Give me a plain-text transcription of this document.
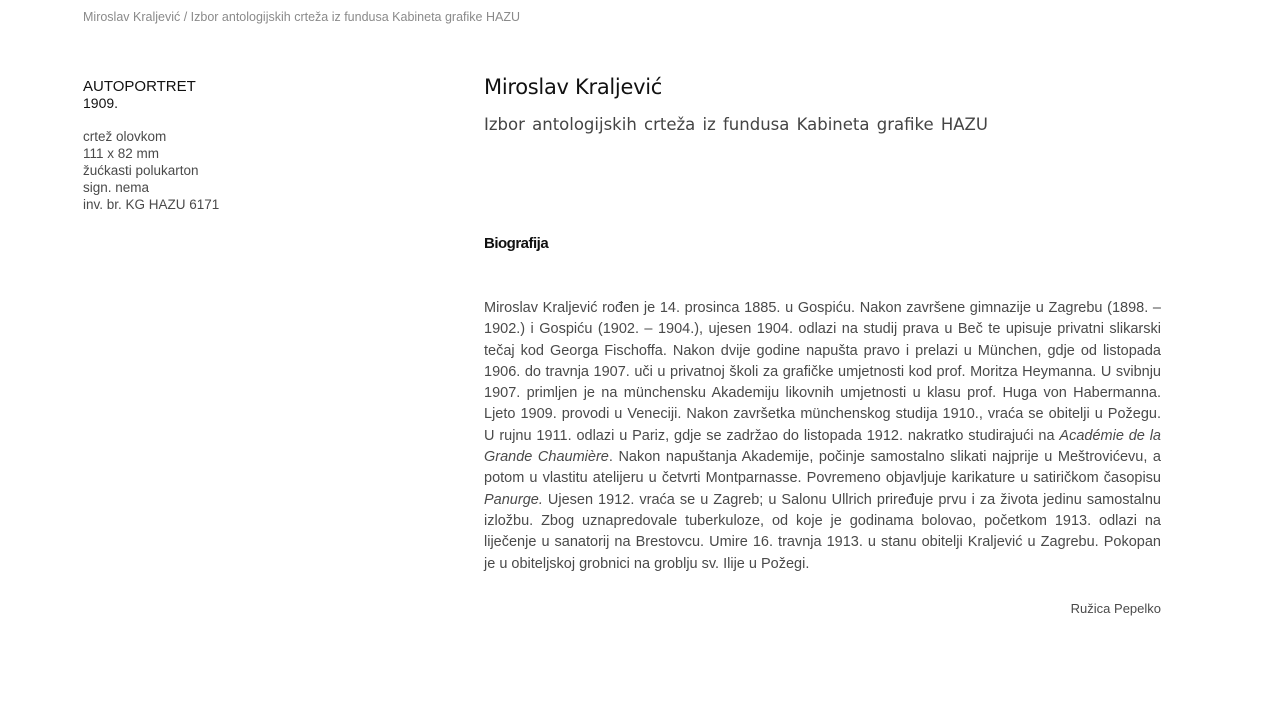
Miroslav Kraljević / Izbor antologijskih crteža iz fundusa Kabineta grafike HAZU
AUTOPORTRET
1909.
crtež olovkom
111 x 82 mm
žućkasti polukarton
sign. nema
inv. br. KG HAZU 6171
Miroslav Kraljević
Izbor antologijskih crteža iz fundusa Kabineta grafike HAZU
Biografija

Miroslav Kraljević rođen je 14. prosinca 1885. u Gospiću. Nakon završene gimnazije u Zagrebu (1898. – 1902.) i Gospiću (1902. – 1904.), ujesen 1904. odlazi na studij prava u Beč te upisuje privatni slikarski tečaj kod Georga Fischoffa. Nakon dvije godine napušta pravo i prelazi u München, gdje od listopada 1906. do travnja 1907. uči u privatnoj školi za grafičke umjetnosti kod prof. Moritza Heymanna. U svibnju 1907. primljen je na münchensku Akademiju likovnih umjetnosti u klasu prof. Huga von Habermanna. Ljeto 1909. provodi u Veneciji. Nakon završetka münchenskog studija 1910., vraća se obitelji u Požegu. U rujnu 1911. odlazi u Pariz, gdje se zadržao do listopada 1912. nakratko studirajući na Académie de la Grande Chaumière. Nakon napuštanja Akademije, počinje samostalno slikati najprije u Meštrovićevu, a potom u vlastitu atelijeru u četvrti Montparnasse. Povremeno objavljuje karikature u satiričkom časopisu Panurge. Ujesen 1912. vraća se u Zagreb; u Salonu Ullrich priređuje prvu i za života jedinu samostalnu izložbu. Zbog uznapredovale tuberkuloze, od koje je godinama bolovao, početkom 1913. odlazi na liječenje u sanatorij na Brestovcu. Umire 16. travnja 1913. u stanu obitelji Kraljević u Zagrebu. Pokopan je u obiteljskoj grobnici na groblju sv. Ilije u Požegi.

Ružica Pepelko
